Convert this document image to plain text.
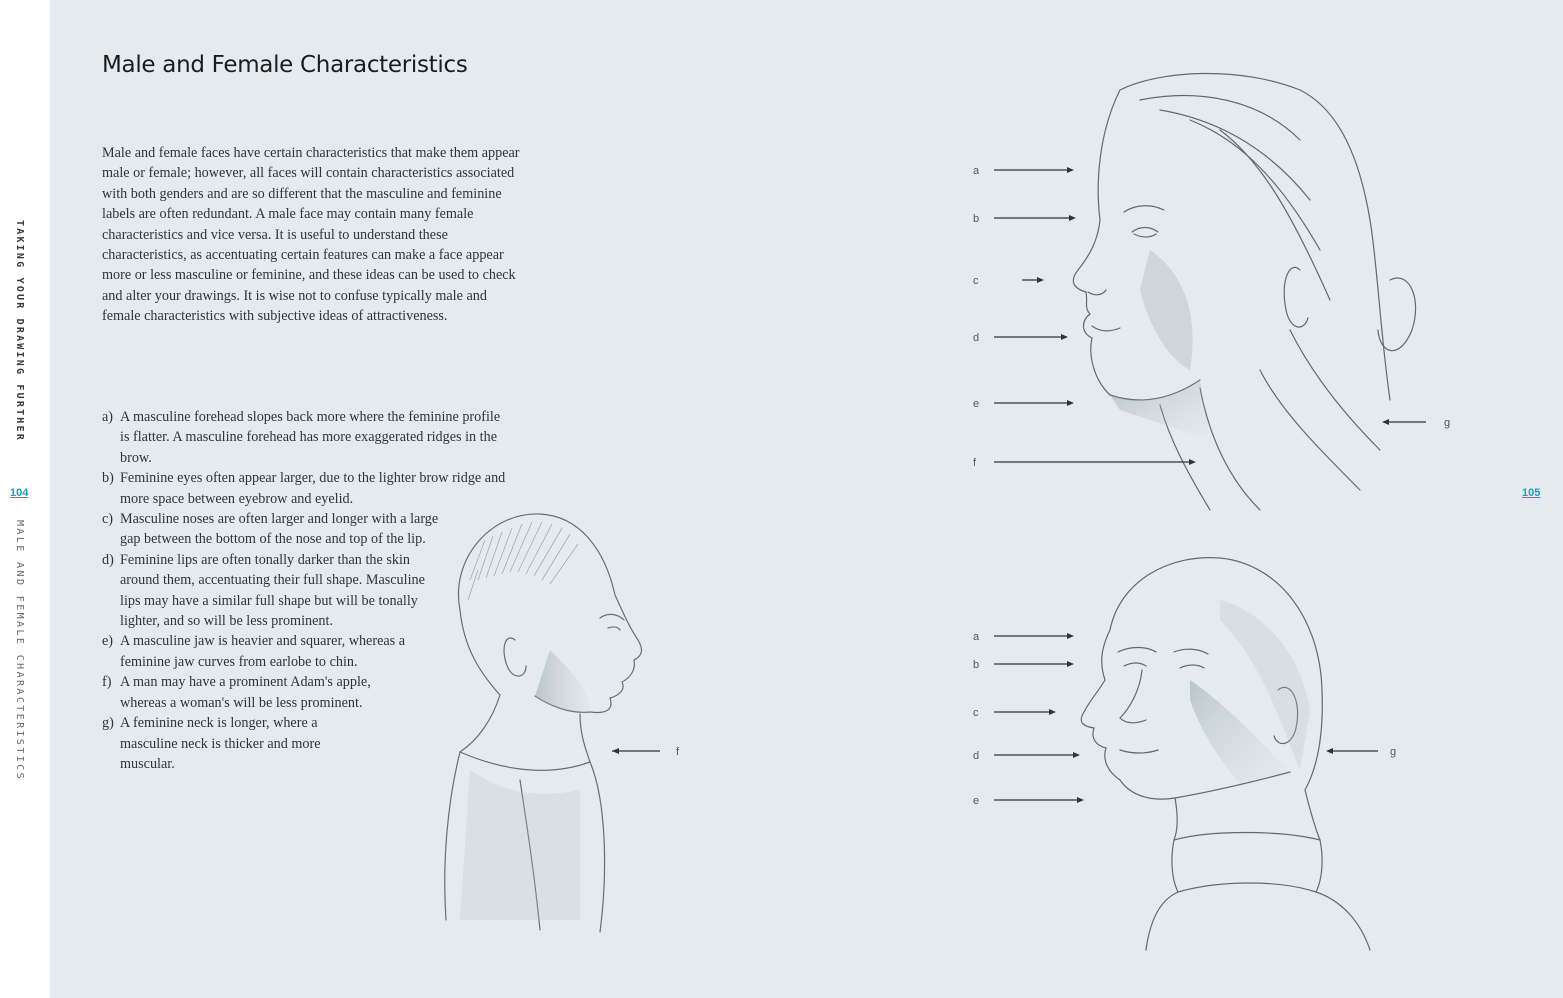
TAKING YOUR DRAWING FURTHER
MALE AND FEMALE CHARACTERISTICS
104	105
Male and Female Characteristics

Male and female faces have certain characteristics that make them appear male or female; however, all faces will contain characteristics associated with both genders and are so different that the masculine and feminine labels are often redundant. A male face may contain many female characteristics and vice versa. It is useful to understand these characteristics, as accentuating certain features can make a face appear more or less masculine or feminine, and these ideas can be used to check and alter your drawings. It is wise not to confuse typically male and female characteristics with subjective ideas of attractiveness.

a) A masculine forehead slopes back more where the feminine profile is flatter. A masculine forehead has more exaggerated ridges in the brow.
b) Feminine eyes often appear larger, due to the lighter brow ridge and more space between eyebrow and eyelid.
c) Masculine noses are often larger and longer with a large gap between the bottom of the nose and top of the lip.
d) Feminine lips are often tonally darker than the skin around them, accentuating their full shape. Masculine lips may have a similar full shape but will be tonally lighter, and so will be less prominent.
e) A masculine jaw is heavier and squarer, whereas a feminine jaw curves from earlobe to chin.
f) A man may have a prominent Adam's apple, whereas a woman's will be less prominent.
g) A feminine neck is longer, where a masculine neck is thicker and more muscular.
f
a
b
c
d
e
f
g
a
b
c
d
e
g
